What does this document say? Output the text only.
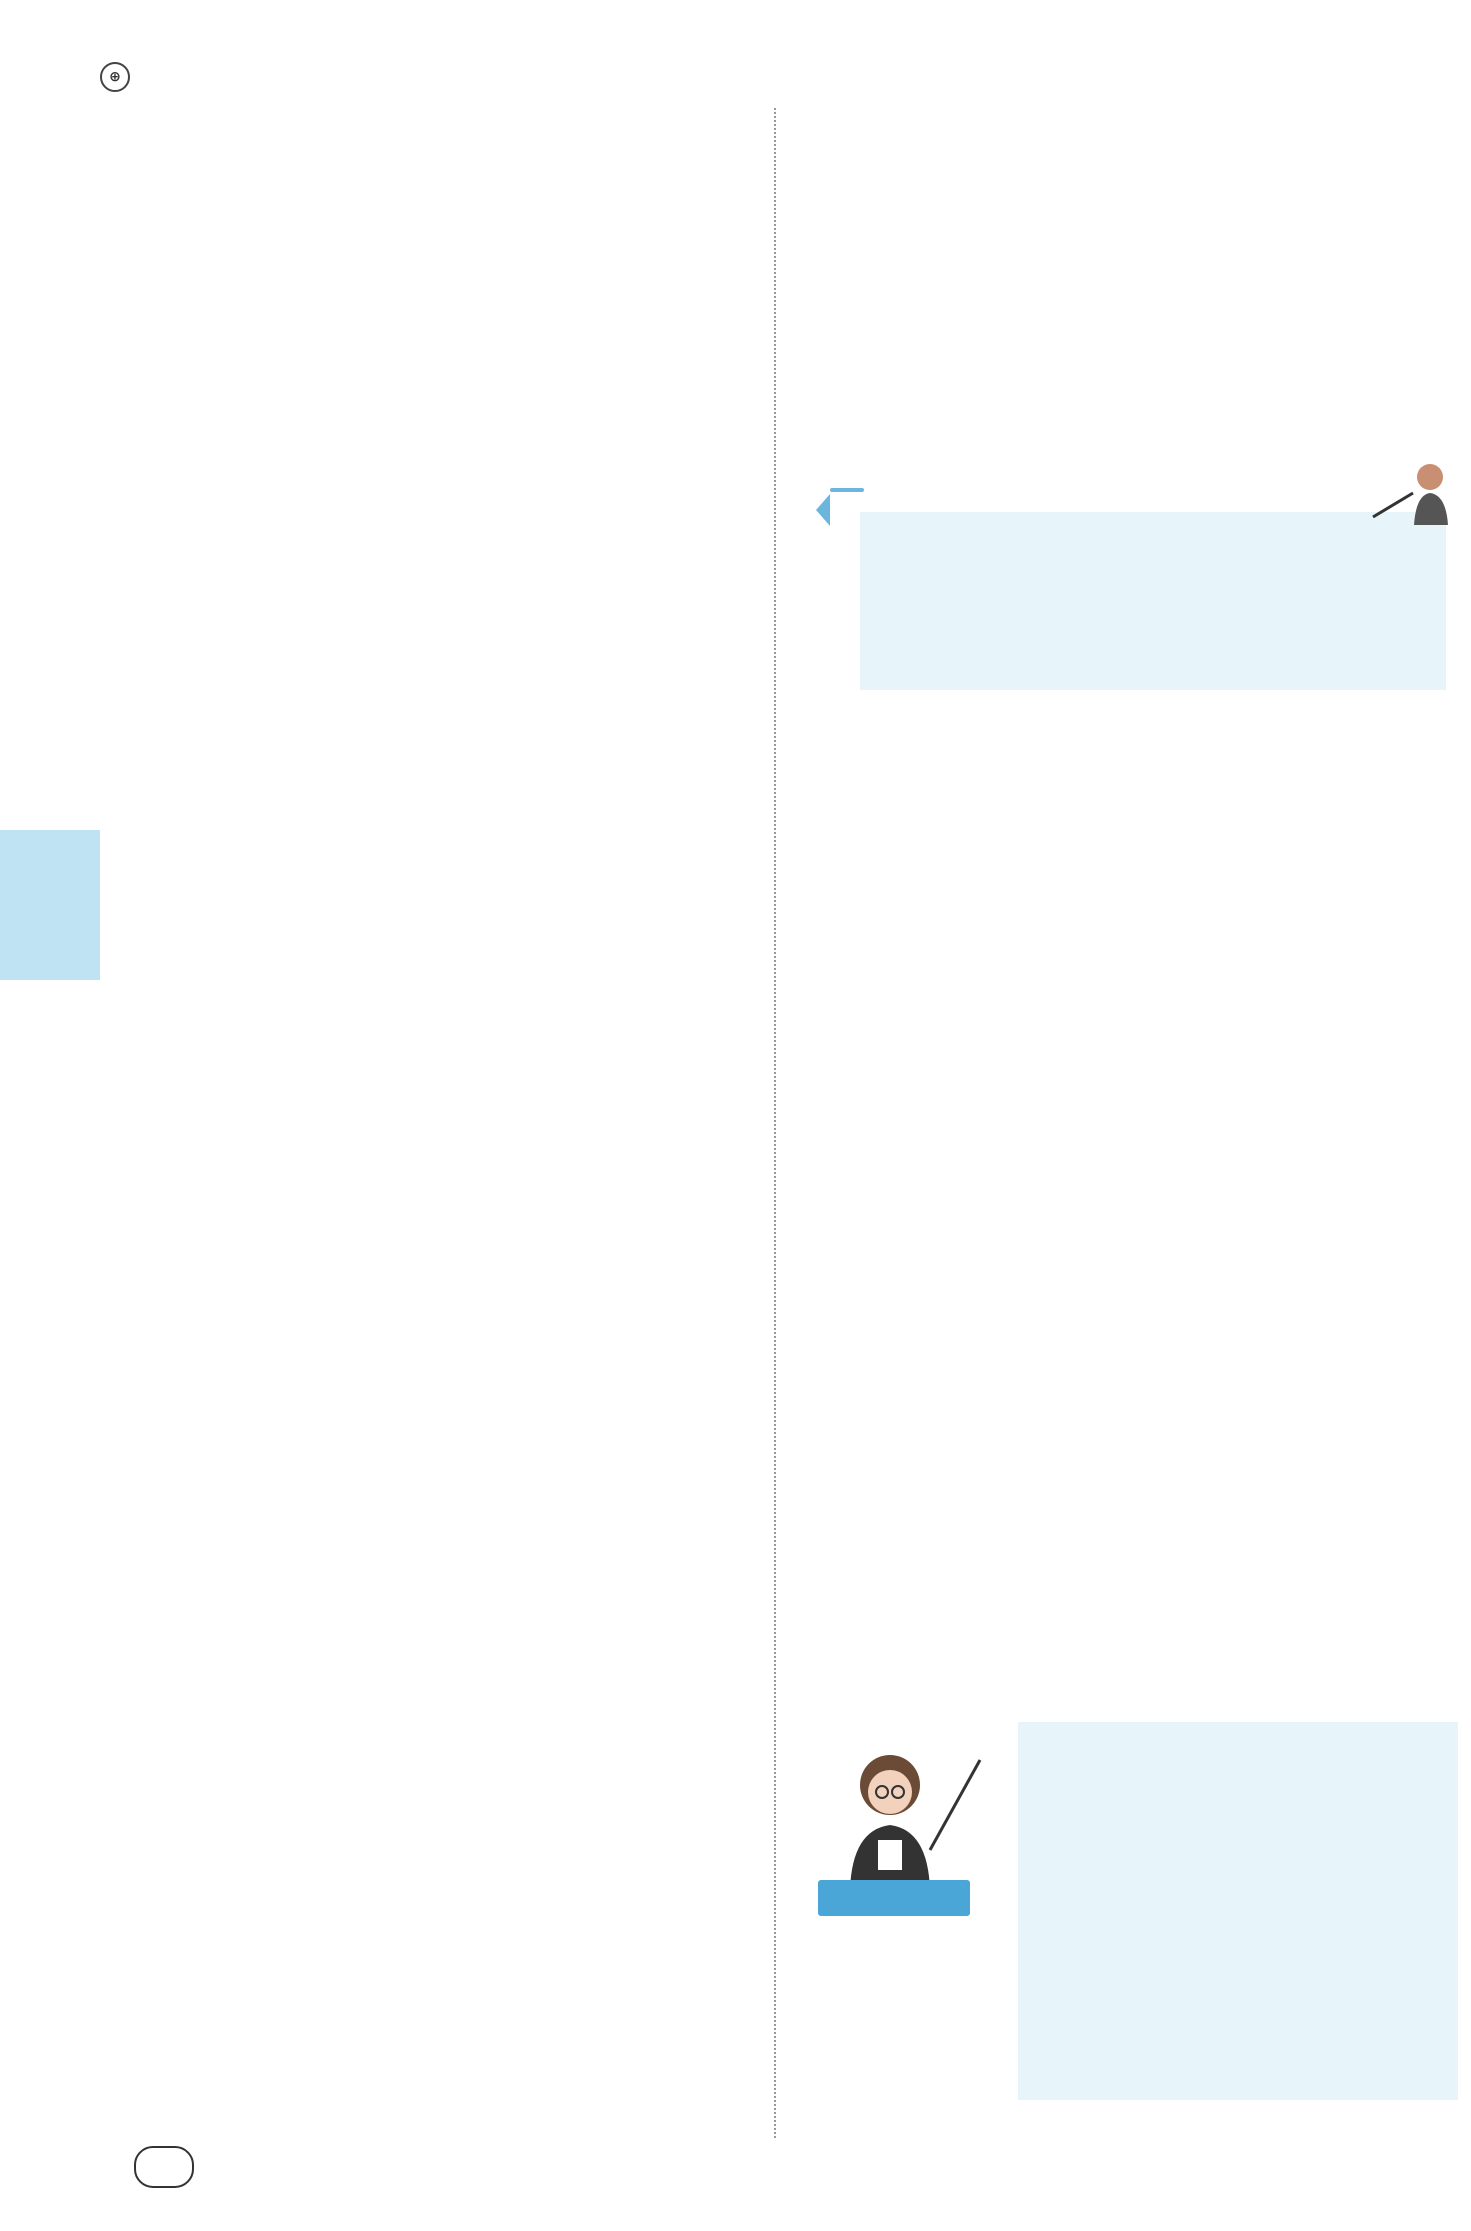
⊕
